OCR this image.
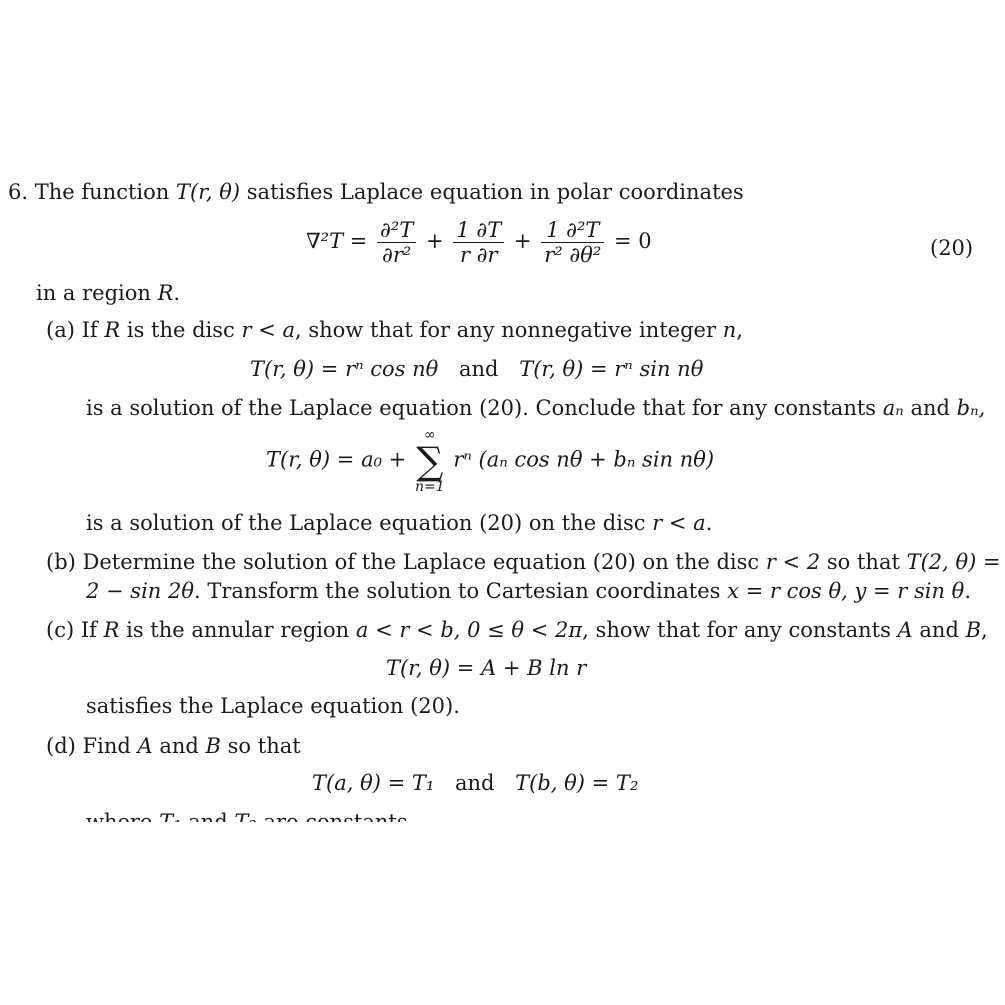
6. The function T(r, θ) satisfies Laplace equation in polar coordinates
$\nabla^2T = \frac{\text{∂²T}}{\text{∂r²}} + \frac{1 \partial T}{r \partial r} + \frac{\text{1 ∂²T}}{\text{r² ∂θ²}} = 0$	(20)
in a region R.
(a) If R is the disc r < a, show that for any nonnegative integer n,
T(r, θ) = rⁿ cos nθ and T(r, θ) = rⁿ sin nθ
is a solution of the Laplace equation (20). Conclude that for any constants aₙ and bₙ,
T(r, θ) = a₀ +
∞
∑
n=1
rⁿ (aₙ cos nθ + bₙ sin nθ)
is a solution of the Laplace equation (20) on the disc r < a.
(b) Determine the solution of the Laplace equation (20) on the disc r < 2 so that T(2, θ) =
2 − sin 2θ. Transform the solution to Cartesian coordinates x = r cos θ, y = r sin θ.
(c) If R is the annular region a < r < b, 0 ≤ θ < 2π, show that for any constants A and B,
T(r, θ) = A + B ln r
satisfies the Laplace equation (20).
(d) Find A and B so that
T(a, θ) = T₁ and T(b, θ) = T₂
